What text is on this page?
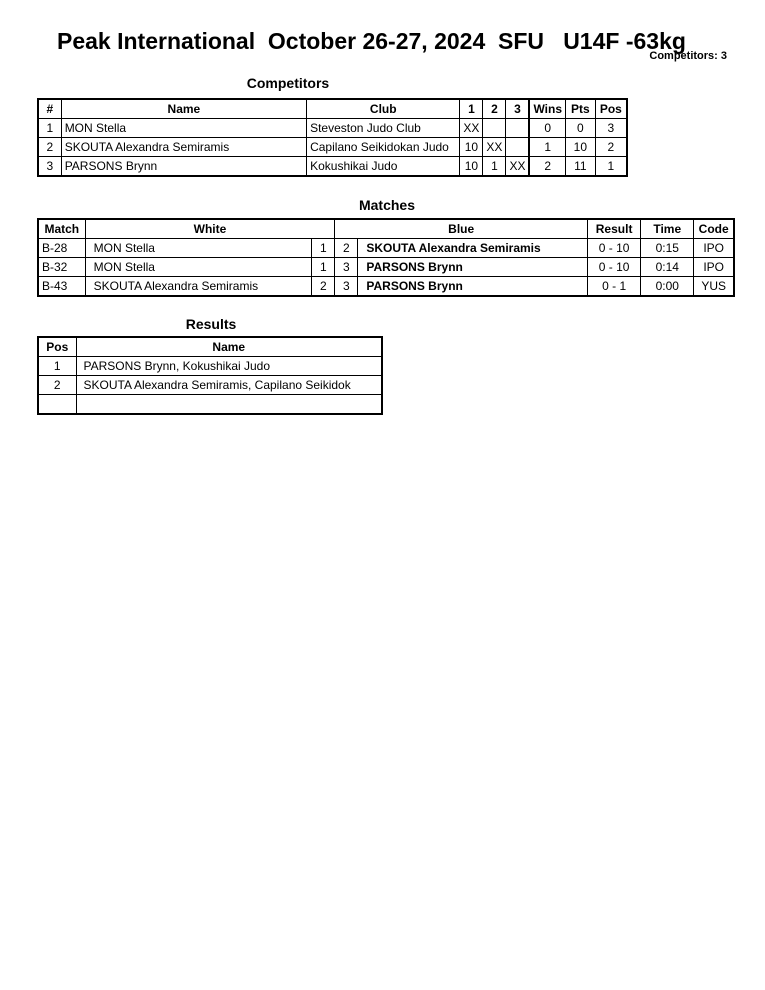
Peak International  October 26-27, 2024  SFU   U14F -63kg
Competitors: 3
Competitors
#	Name	Club	1	2	3	Wins	Pts	Pos
1	MON Stella	Steveston Judo Club	XX			0	0	3
2	SKOUTA Alexandra Semiramis	Capilano Seikidokan Judo	10	XX		1	10	2
3	PARSONS Brynn	Kokushikai Judo	10	1	XX	2	11	1
Matches
Match	White		Blue		Result	Time	Code
B-28	MON Stella	1	2	SKOUTA Alexandra Semiramis	0 - 10	0:15	IPO
B-32	MON Stella	1	3	PARSONS Brynn	0 - 10	0:14	IPO
B-43	SKOUTA Alexandra Semiramis	2	3	PARSONS Brynn	0 - 1	0:00	YUS
Results
Pos	Name
1	PARSONS Brynn, Kokushikai Judo
2	SKOUTA Alexandra Semiramis, Capilano Seikidok
